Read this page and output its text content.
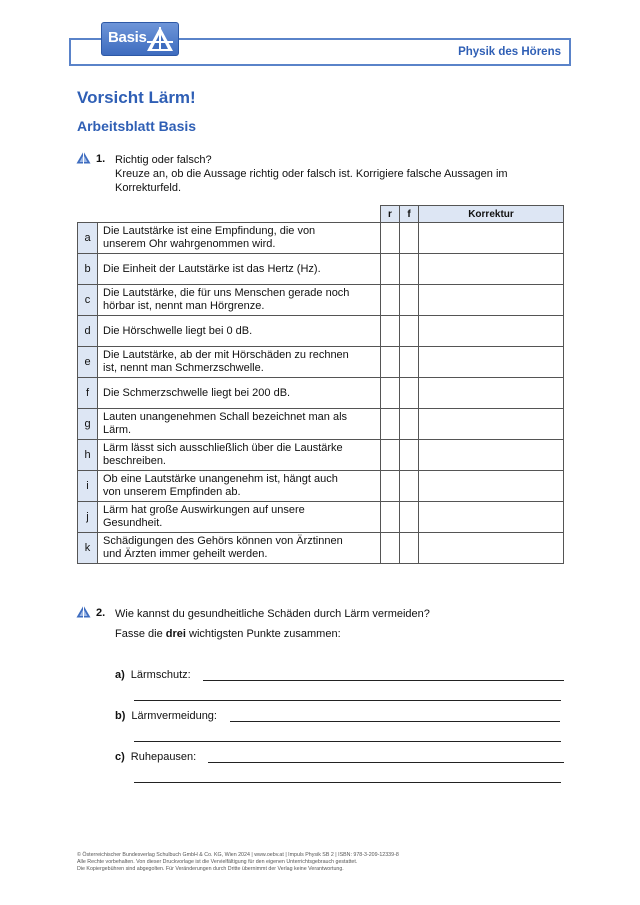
Physik des Hörens
Basis
Vorsicht Lärm!
Arbeitsblatt Basis
1. Richtig oder falsch?
Kreuze an, ob die Aussage richtig oder falsch ist. Korrigiere falsche Aussagen im
Korrekturfeld.
		r	f	Korrektur
a	Die Lautstärke ist eine Empfindung, die von
unserem Ohr wahrgenommen wird.			

b	Die Einheit der Lautstärke ist das Hertz (Hz).			

c	Die Lautstärke, die für uns Menschen gerade noch
hörbar ist, nennt man Hörgrenze.			

d	Die Hörschwelle liegt bei 0 dB.			

e	Die Lautstärke, ab der mit Hörschäden zu rechnen
ist, nennt man Schmerzschwelle.			

f	Die Schmerzschwelle liegt bei 200 dB.			

g	Lauten unangenehmen Schall bezeichnet man als
Lärm.			

h	Lärm lässt sich ausschließlich über die Laustärke
beschreiben.			

i	Ob eine Lautstärke unangenehm ist, hängt auch
von unserem Empfinden ab.			

j	Lärm hat große Auswirkungen auf unsere
Gesundheit.			

k	Schädigungen des Gehörs können von Ärztinnen
und Ärzten immer geheilt werden.			

2. Wie kannst du gesundheitliche Schäden durch Lärm vermeiden?
Fasse die drei wichtigsten Punkte zusammen:
a) Lärmschutz:
b) Lärmvermeidung:
c) Ruhepausen:
© Österreichischer Bundesverlag Schulbuch GmbH & Co. KG, Wien 2024 | www.oebv.at | Impuls Physik SB 2 | ISBN: 978-3-209-12339-8
Alle Rechte vorbehalten. Von dieser Druckvorlage ist die Vervielfältigung für den eigenen Unterrichtsgebrauch gestattet.
Die Kopiergebühren sind abgegolten. Für Veränderungen durch Dritte übernimmt der Verlag keine Verantwortung.
